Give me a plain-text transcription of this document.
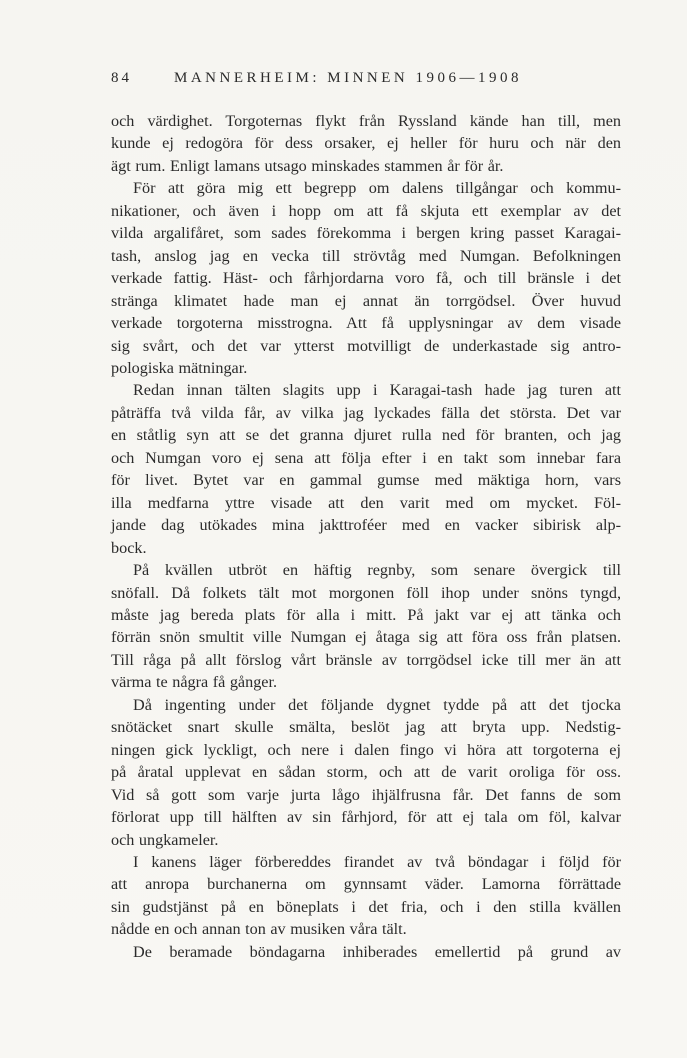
84	MANNERHEIM: MINNEN 1906—1908
och värdighet. Torgoternas flykt från Ryssland kände han till, men
kunde ej redogöra för dess orsaker, ej heller för huru och när den
ägt rum. Enligt lamans utsago minskades stammen år för år.
För att göra mig ett begrepp om dalens tillgångar och kommu-
nikationer, och även i hopp om att få skjuta ett exemplar av det
vilda argalifåret, som sades förekomma i bergen kring passet Karagai-
tash, anslog jag en vecka till strövtåg med Numgan. Befolkningen
verkade fattig. Häst- och fårhjordarna voro få, och till bränsle i det
stränga klimatet hade man ej annat än torrgödsel. Över huvud
verkade torgoterna misstrogna. Att få upplysningar av dem visade
sig svårt, och det var ytterst motvilligt de underkastade sig antro-
pologiska mätningar.
Redan innan tälten slagits upp i Karagai-tash hade jag turen att
påträffa två vilda får, av vilka jag lyckades fälla det största. Det var
en ståtlig syn att se det granna djuret rulla ned för branten, och jag
och Numgan voro ej sena att följa efter i en takt som innebar fara
för livet. Bytet var en gammal gumse med mäktiga horn, vars
illa medfarna yttre visade att den varit med om mycket. Föl-
jande dag utökades mina jakttroféer med en vacker sibirisk alp-
bock.
På kvällen utbröt en häftig regnby, som senare övergick till
snöfall. Då folkets tält mot morgonen föll ihop under snöns tyngd,
måste jag bereda plats för alla i mitt. På jakt var ej att tänka och
förrän snön smultit ville Numgan ej åtaga sig att föra oss från platsen.
Till råga på allt förslog vårt bränsle av torrgödsel icke till mer än att
värma te några få gånger.
Då ingenting under det följande dygnet tydde på att det tjocka
snötäcket snart skulle smälta, beslöt jag att bryta upp. Nedstig-
ningen gick lyckligt, och nere i dalen fingo vi höra att torgoterna ej
på åratal upplevat en sådan storm, och att de varit oroliga för oss.
Vid så gott som varje jurta lågo ihjälfrusna får. Det fanns de som
förlorat upp till hälften av sin fårhjord, för att ej tala om föl, kalvar
och ungkameler.
I kanens läger förbereddes firandet av två böndagar i följd för
att anropa burchanerna om gynnsamt väder. Lamorna förrättade
sin gudstjänst på en böneplats i det fria, och i den stilla kvällen
nådde en och annan ton av musiken våra tält.
De beramade böndagarna inhiberades emellertid på grund av
